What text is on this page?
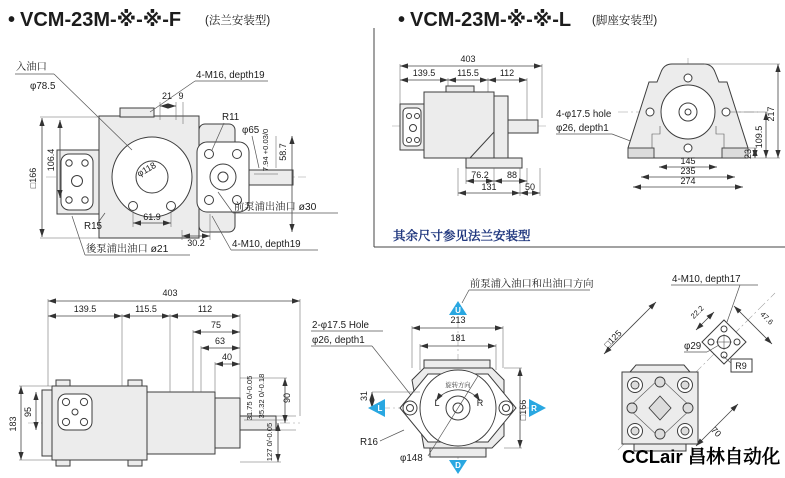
• VCM-23M-※-※-F (法兰安装型)	• VCM-23M-※-※-L (脚座安装型)
φ118
61.9
入油口
φ78.5
4-M16, depth19
21 9
R11
φ65 7.94 +0.03/0 58.7
□166
106.4
R15
30.2
後泵浦出油口 ø21
前泵浦出油口 ø30
4-M10, depth19
403
139.5 115.5 112
76.2 88
131	50
4-φ17.5 hole
φ26, depth1
145
235
274
23
109.5
217
其余尺寸参见法兰安装型
403
139.5	115.5	112
75
63
40
183
95	31.75 0/-0.05 35.32 0/-0.18 90
127 0/-0.05
2-φ17.5 Hole
φ26, depth1
前泵浦入油口和出油口方向
213
181
旋转方向
L	R	□166
31
R16
φ148
U
L	R
D
4-M10, depth17
22.2	47.6
φ29
R9
□125
70
CCLair 昌林自动化
